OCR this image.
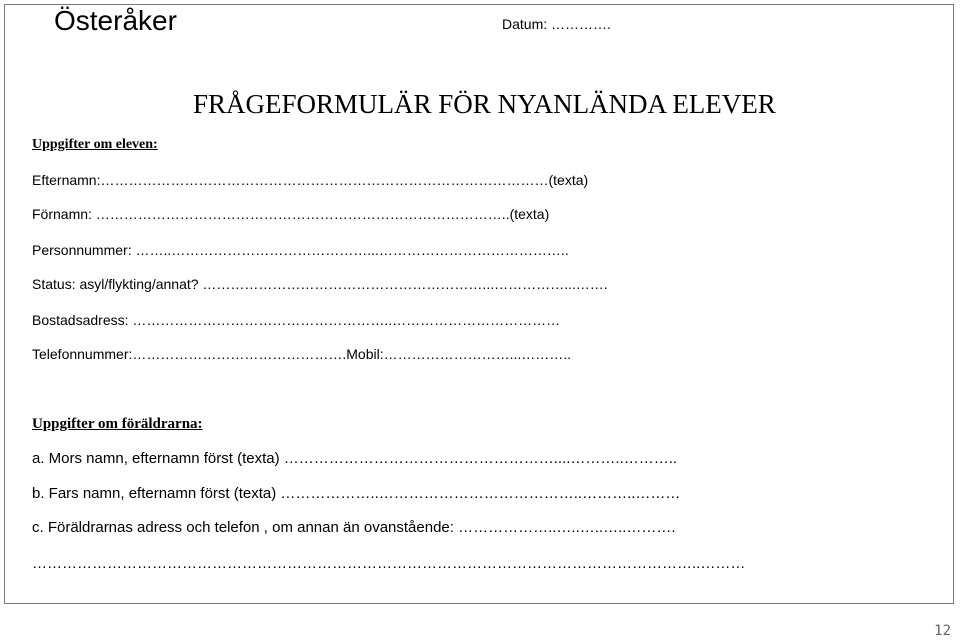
Österåker	Datum: ………….
FRÅGEFORMULÄR FÖR NYANLÄNDA ELEVER
Uppgifter om eleven:
Efternamn:……………………………………………………………………………………(texta)
Förnamn: ……………………………………………………………………………..(texta)
Personnummer: ……..……………………………………...…………………………………..
Status: asyl/flykting/annat? ……………………………………………………...……………...…….
Bostadsadress: ………………………………………………..………………………………
Telefonnummer:……………………………………….Mobil:………………………...………..
Uppgifter om föräldrarna:
a. Mors namn, efternamn först (texta) ………………………………………………....………..………..
b. Fars namn, efternamn först (texta) ………………..…………………………………..………..………
c. Föräldrarnas adress och telefon , om annan än ovanstående: ………………..…..…..…..……….
……………………………………………………………………………………………………………………..………
12
